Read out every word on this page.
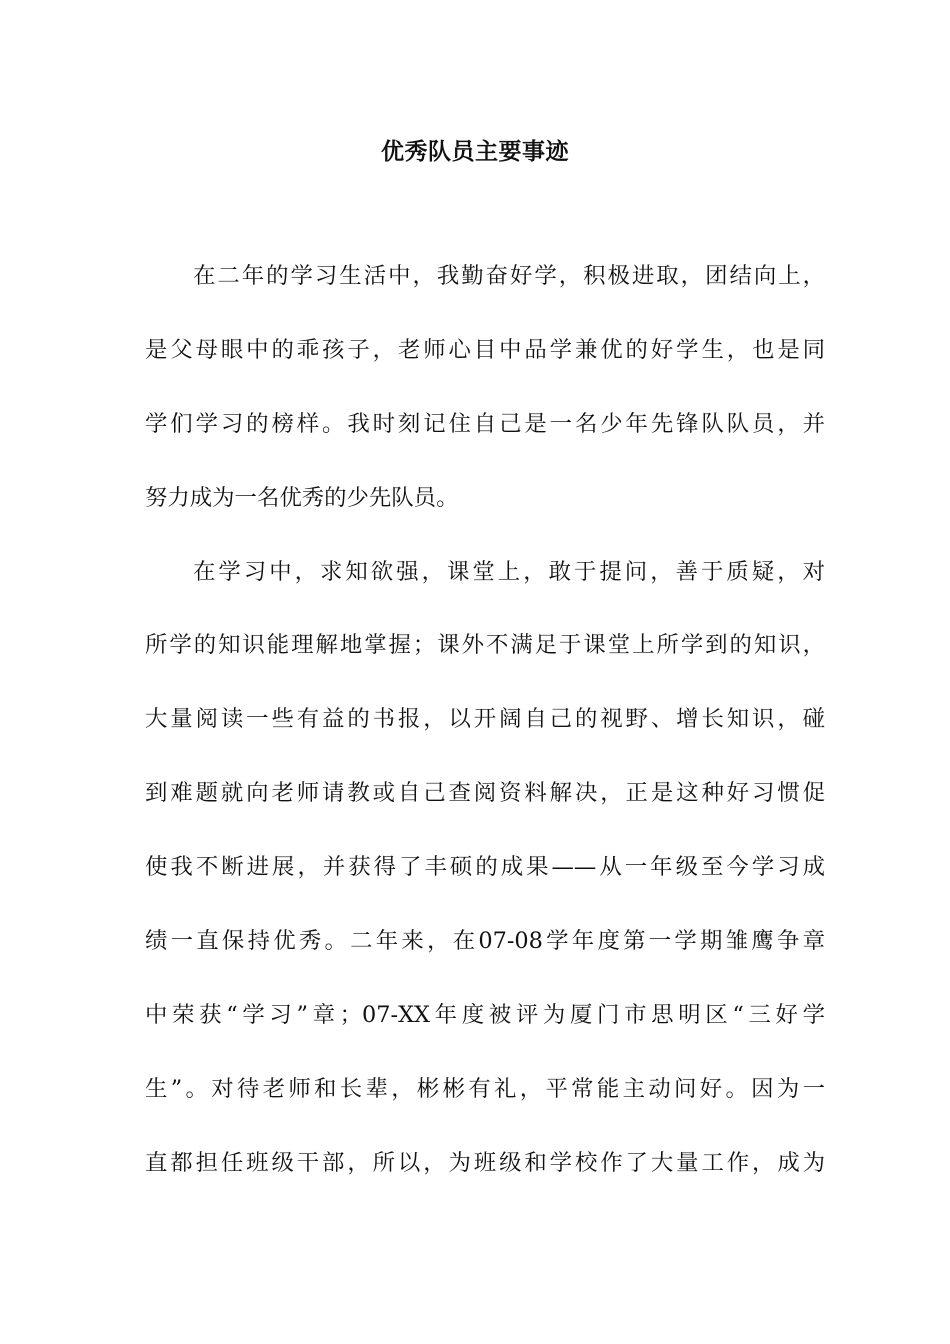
优秀队员主要事迹
在二年的学习生活中，我勤奋好学，积极进取，团结向上，
是父母眼中的乖孩子，老师心目中品学兼优的好学生，也是同
学们学习的榜样。我时刻记住自己是一名少年先锋队队员，并
努力成为一名优秀的少先队员。
在学习中，求知欲强，课堂上，敢于提问，善于质疑，对
所学的知识能理解地掌握；课外不满足于课堂上所学到的知识，
大量阅读一些有益的书报，以开阔自己的视野、增长知识，碰
到难题就向老师请教或自己查阅资料解决，正是这种好习惯促
使我不断进展，并获得了丰硕的成果——从一年级至今学习成
绩一直保持优秀。二年来，在07-08学年度第一学期雏鹰争章
中荣获“学习”章；07-XX年度被评为厦门市思明区“三好学
生”。对待老师和长辈，彬彬有礼，平常能主动问好。因为一
直都担任班级干部，所以，为班级和学校作了大量工作，成为
